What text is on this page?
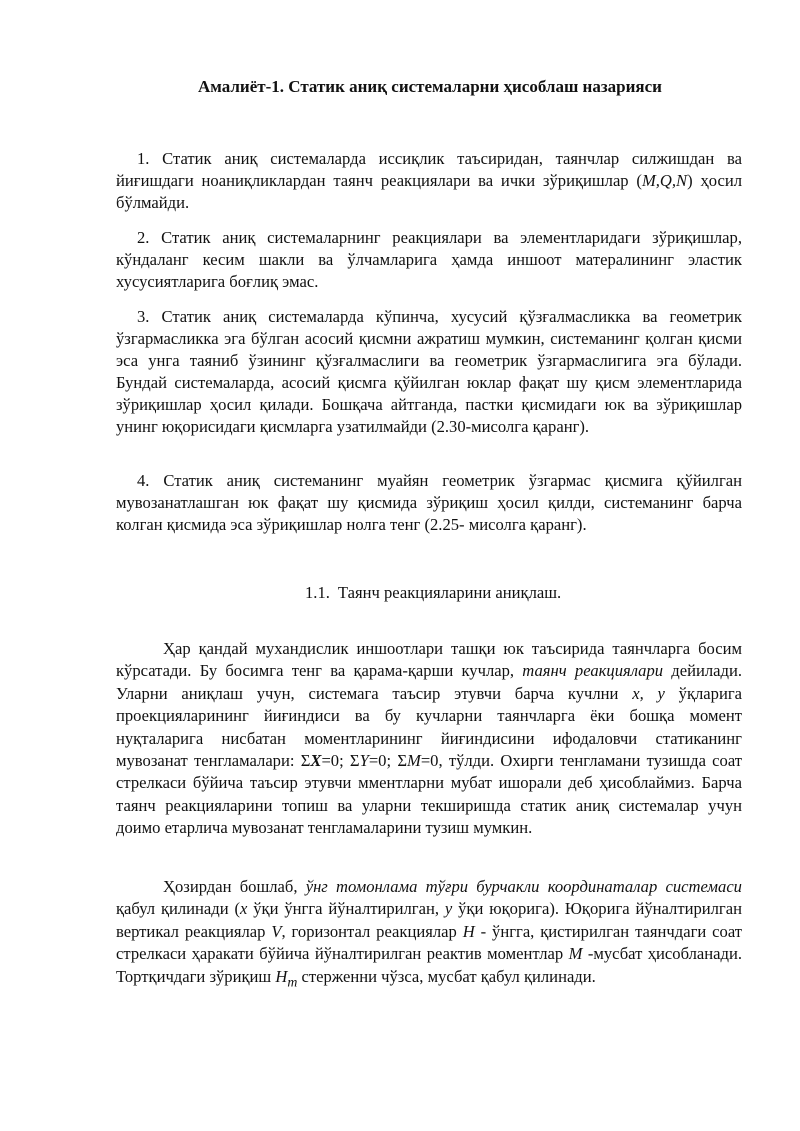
Амалиёт-1. Статик аниқ системаларни ҳисоблаш назарияси
1. Статик аниқ системаларда иссиқлик таъсиридан, таянчлар силжишдан ва йиғишдаги ноаниқликлардан таянч реакциялари ва ички зўриқишлар (M,Q,N) ҳосил бўлмайди.
2. Статик аниқ системаларнинг реакциялари ва элементларидаги зўриқишлар, кўндаланг кесим шакли ва ўлчамларига ҳамда иншоот матералининг эластик хусусиятларига боғлиқ эмас.
3. Статик аниқ системаларда кўпинча, хусусий қўзғалмасликка ва геометрик ўзгармасликка эга бўлган асосий қисмни ажратиш мумкин, системанинг қолган қисми эса унга таяниб ўзининг қўзғалмаслиги ва геометрик ўзгармаслигига эга бўлади. Бундай системаларда, асосий қисмга қўйилган юклар фақат шу қисм элементларида зўриқишлар ҳосил қилади. Бошқача айтганда, пастки қисмидаги юк ва зўриқишлар унинг юқорисидаги қисмларга узатилмайди (2.30-мисолга қаранг).
4. Статик аниқ системанинг муайян геометрик ўзгармас қисмига қўйилган мувозанатлашган юк фақат шу қисмида зўриқиш ҳосил қилди, системанинг барча колган қисмида эса зўриқишлар нолга тенг (2.25- мисолга қаранг).
1.1. Таянч реакцияларини аниқлаш.
Ҳар қандай мухандислик иншоотлари ташқи юк таъсирида таянчларга босим кўрсатади. Бу босимга тенг ва қарама-қарши кучлар, таянч реакциялари дейилади. Уларни аниқлаш учун, системага таъсир этувчи барча кучлни x, y ўқларига проекцияларининг йиғиндиси ва бу кучларни таянчларга ёки бошқа момент нуқталарига нисбатан моментларининг йиғиндисини ифодаловчи статиканинг мувозанат тенгламалари: ΣX=0; ΣY=0; ΣM=0, тўлди. Охирги тенгламани тузишда соат стрелкаси бўйича таъсир этувчи мментларни мубат ишорали деб ҳисоблаймиз. Барча таянч реакцияларини топиш ва уларни текширишда статик аниқ системалар учун доимо етарлича мувозанат тенгламаларини тузиш мумкин.
Ҳозирдан бошлаб, ўнг томонлама тўғри бурчакли координаталар системаси қабул қилинади (x ўқи ўнгга йўналтирилган, y ўқи юқорига). Юқорига йўналтирилган вертикал реакциялар V, горизонтал реакциялар H - ўнгга, қистирилган таянчдаги соат стрелкаси ҳаракати бўйича йўналтирилган реактив моментлар M -мусбат ҳисобланади. Тортқичдаги зўриқиш $H_m$ стерженни чўзса, мусбат қабул қилинади.
